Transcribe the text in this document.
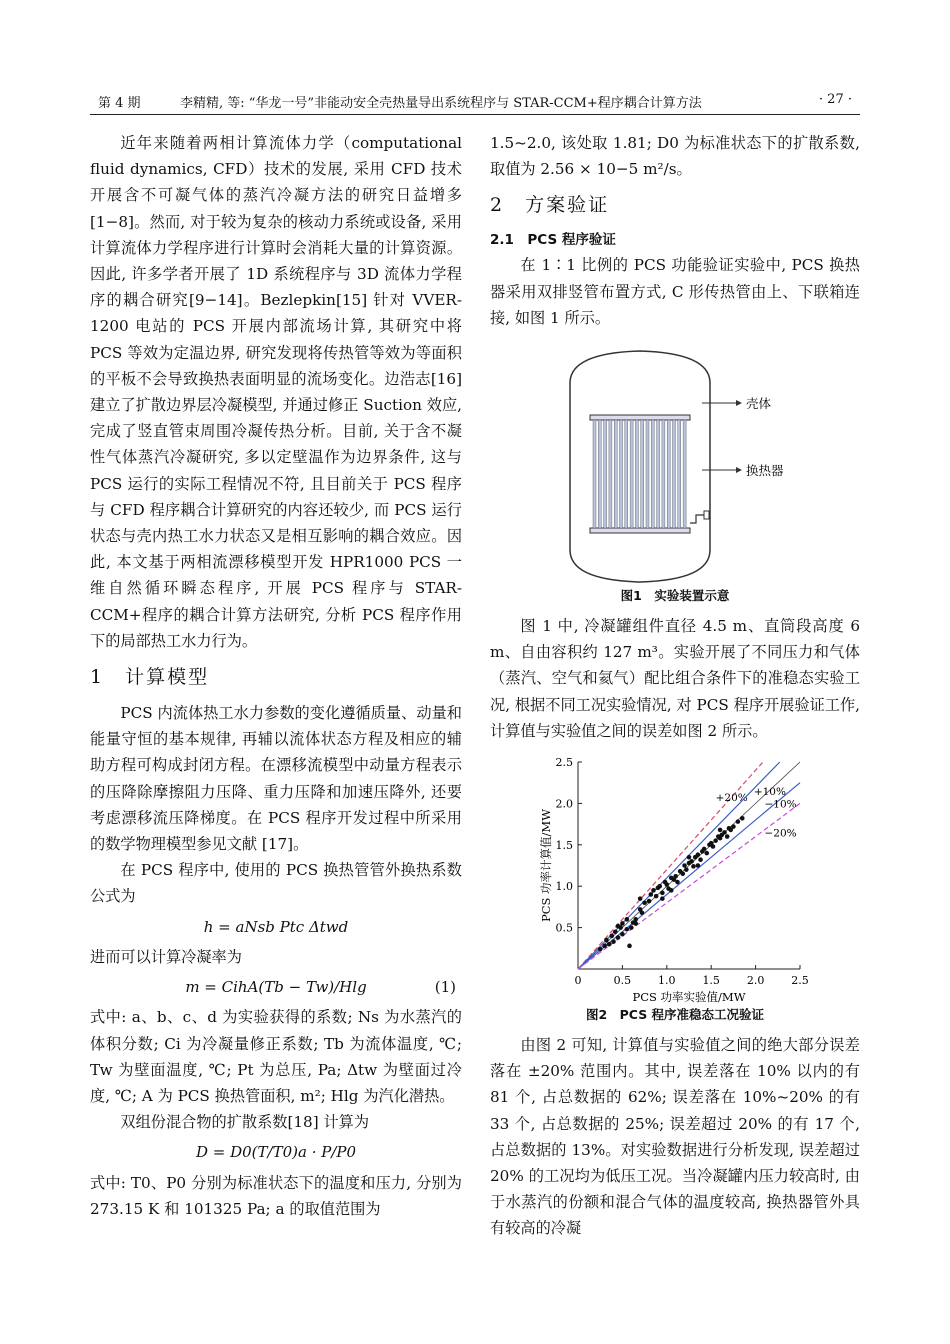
第 4 期	李精精, 等: “华龙一号”非能动安全壳热量导出系统程序与 STAR-CCM+程序耦合计算方法	· 27 ·

近年来随着两相计算流体力学（computational fluid dynamics, CFD）技术的发展, 采用 CFD 技术开展含不可凝气体的蒸汽冷凝方法的研究日益增多[1−8]。然而, 对于较为复杂的核动力系统或设备, 采用计算流体力学程序进行计算时会消耗大量的计算资源。因此, 许多学者开展了 1D 系统程序与 3D 流体力学程序的耦合研究[9−14]。Bezlepkin[15] 针对 VVER-1200 电站的 PCS 开展内部流场计算, 其研究中将 PCS 等效为定温边界, 研究发现将传热管等效为等面积的平板不会导致换热表面明显的流场变化。边浩志[16] 建立了扩散边界层冷凝模型, 并通过修正 Suction 效应, 完成了竖直管束周围冷凝传热分析。目前, 关于含不凝性气体蒸汽冷凝研究, 多以定壁温作为边界条件, 这与 PCS 运行的实际工程情况不符, 且目前关于 PCS 程序与 CFD 程序耦合计算研究的内容还较少, 而 PCS 运行状态与壳内热工水力状态又是相互影响的耦合效应。因此, 本文基于两相流漂移模型开发 HPR1000 PCS 一维自然循环瞬态程序, 开展 PCS 程序与 STAR-CCM+程序的耦合计算方法研究, 分析 PCS 程序作用下的局部热工水力行为。

1　计算模型

PCS 内流体热工水力参数的变化遵循质量、动量和能量守恒的基本规律, 再辅以流体状态方程及相应的辅助方程可构成封闭方程。在漂移流模型中动量方程表示的压降除摩擦阻力压降、重力压降和加速压降外, 还要考虑漂移流压降梯度。在 PCS 程序开发过程中所采用的数学物理模型参见文献 [17]。

在 PCS 程序中, 使用的 PCS 换热管管外换热系数公式为

h = aNsb Ptc Δtwd

进而可以计算冷凝率为

m = CihA(Tb − Tw)/Hlg	(1)

式中: a、b、c、d 为实验获得的系数; Ns 为水蒸汽的体积分数; Ci 为冷凝量修正系数; Tb 为流体温度, ℃; Tw 为壁面温度, ℃; Pt 为总压, Pa; Δtw 为壁面过冷度, ℃; A 为 PCS 换热管面积, m²; Hlg 为汽化潜热。

双组份混合物的扩散系数[18] 计算为

D = D0(T/T0)a · P/P0

式中: T0、P0 分别为标准状态下的温度和压力, 分别为 273.15 K 和 101325 Pa; a 的取值范围为

1.5~2.0, 该处取 1.81; D0 为标准状态下的扩散系数, 取值为 2.56 × 10−5 m²/s。

2　方案验证
2.1　PCS 程序验证

在 1∶1 比例的 PCS 功能验证实验中, PCS 换热器采用双排竖管布置方式, C 形传热管由上、下联箱连接, 如图 1 所示。

壳体
换热器
图1　实验装置示意

图 1 中, 冷凝罐组件直径 4.5 m、直筒段高度 6 m、自由容积约 127 m³。实验开展了不同压力和气体（蒸汽、空气和氦气）配比组合条件下的准稳态实验工况, 根据不同工况实验情况, 对 PCS 程序开展验证工作, 计算值与实验值之间的误差如图 2 所示。

0	0.5 1.0 1.5 2.0 2.5
0.5
1.0
1.5
2.0
2.5
PCS 功率实验值/MW
PCS 功率计算值/MW
+20% +10%
−10%
−20%
图2　PCS 程序准稳态工况验证

由图 2 可知, 计算值与实验值之间的绝大部分误差落在 ±20% 范围内。其中, 误差落在 10% 以内的有 81 个, 占总数据的 62%; 误差落在 10%~20% 的有 33 个, 占总数据的 25%; 误差超过 20% 的有 17 个, 占总数据的 13%。对实验数据进行分析发现, 误差超过 20% 的工况均为低压工况。当冷凝罐内压力较高时, 由于水蒸汽的份额和混合气体的温度较高, 换热器管外具有较高的冷凝
